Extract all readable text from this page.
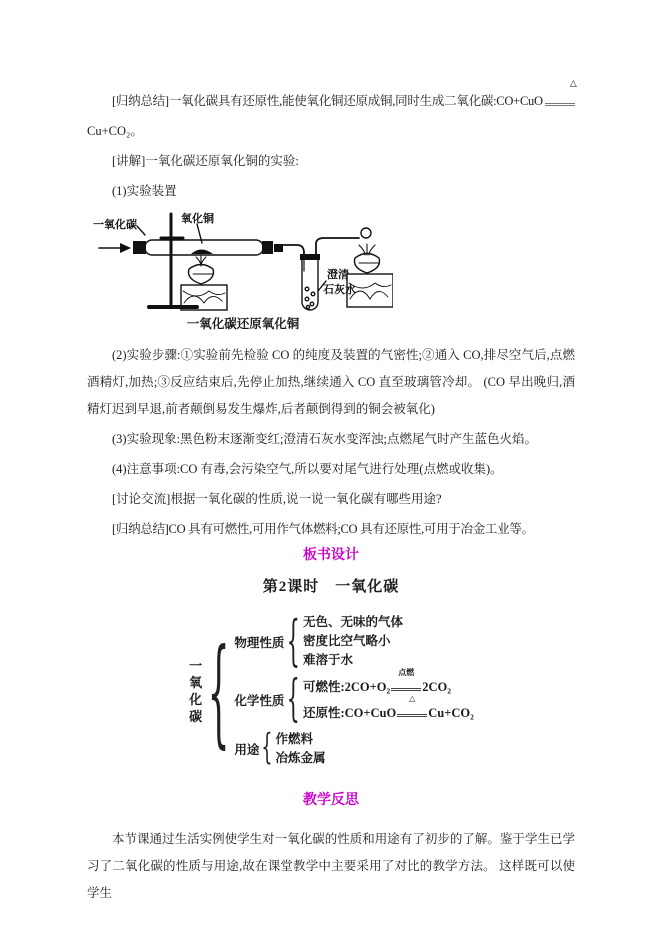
[归纳总结]一氧化碳具有还原性,能使氧化铜还原成铜,同时生成二氧化碳:CO+CuO
△

Cu+CO₂。

[讲解]一氧化碳还原氧化铜的实验:

(1)实验装置

一氧化碳	氧化铜
澄清
石灰水
一氧化碳还原氧化铜

(2)实验步骤:①实验前先检验 CO 的纯度及装置的气密性;②通入 CO,排尽空气后,点燃酒精灯,加热;③反应结束后,先停止加热,继续通入 CO 直至玻璃管冷却。 (CO 早出晚归,酒精灯迟到早退,前者颠倒易发生爆炸,后者颠倒得到的铜会被氧化)

(3)实验现象:黑色粉末逐渐变红;澄清石灰水变浑浊;点燃尾气时产生蓝色火焰。

(4)注意事项:CO 有毒,会污染空气,所以要对尾气进行处理(点燃或收集)。

[讨论交流]根据一氧化碳的性质,说一说一氧化碳有哪些用途?

[归纳总结]CO 具有可燃性,可用作气体燃料;CO 具有还原性,可用于冶金工业等。

板书设计
第2课时　一氧化碳
一氧化碳 { 物理性质 { 无色、无味的气体
密度比空气略小
难溶于水
化学性质 { 可燃性:2CO+O₂
点燃
2CO₂
还原性:CO+CuO
△
Cu+CO₂
用途 { 作燃料
冶炼金属
教学反思

本节课通过生活实例使学生对一氧化碳的性质和用途有了初步的了解。鉴于学生已学习了二氧化碳的性质与用途,故在课堂教学中主要采用了对比的教学方法。 这样既可以使学生
